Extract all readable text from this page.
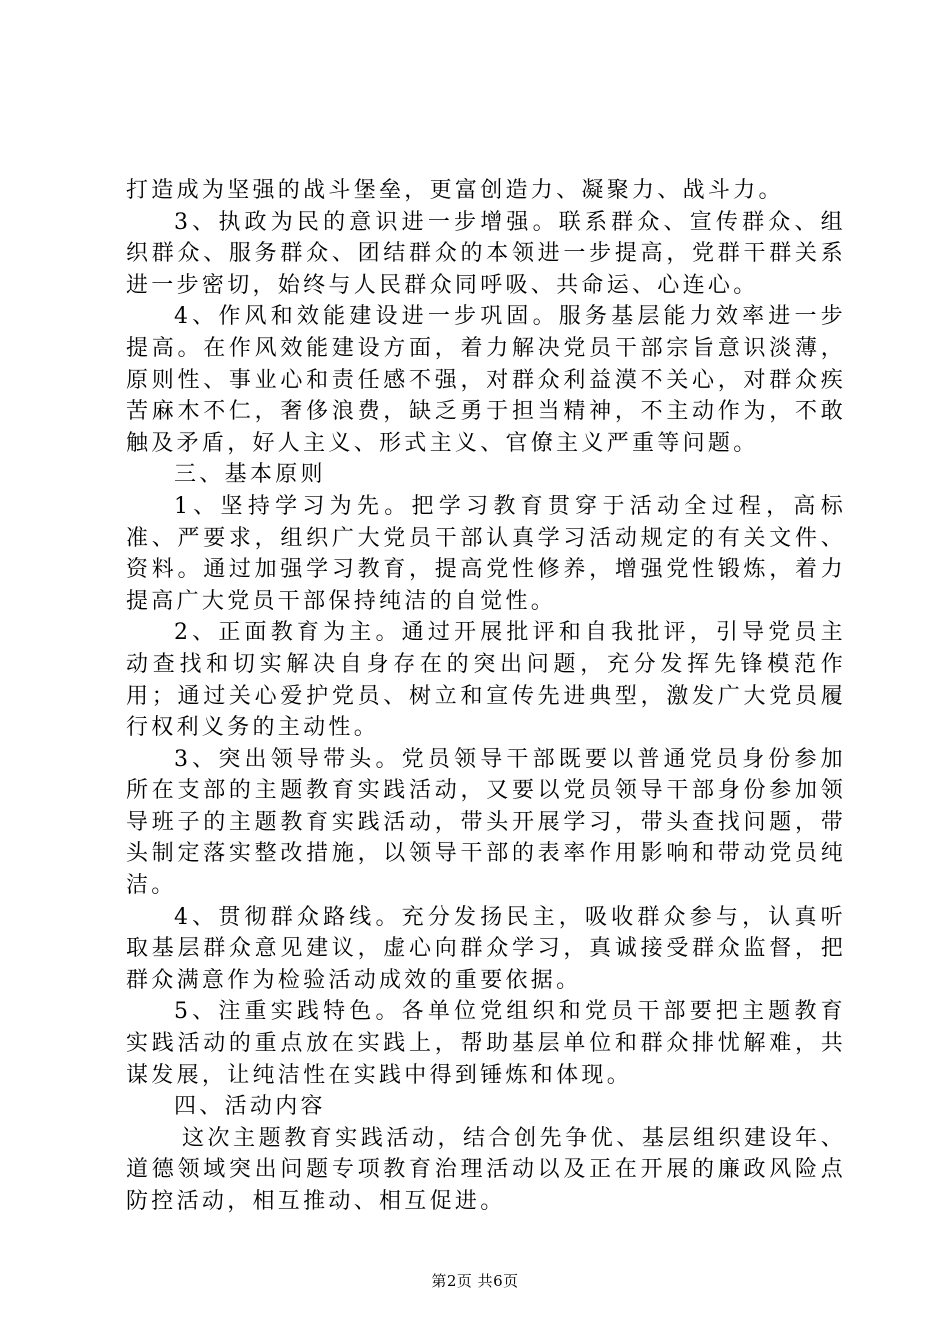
打造成为坚强的战斗堡垒，更富创造力、凝聚力、战斗力。

3、执政为民的意识进一步增强。联系群众、宣传群众、组织群众、服务群众、团结群众的本领进一步提高，党群干群关系进一步密切，始终与人民群众同呼吸、共命运、心连心。

4、作风和效能建设进一步巩固。服务基层能力效率进一步提高。在作风效能建设方面，着力解决党员干部宗旨意识淡薄，原则性、事业心和责任感不强，对群众利益漠不关心，对群众疾苦麻木不仁，奢侈浪费，缺乏勇于担当精神，不主动作为，不敢触及矛盾，好人主义、形式主义、官僚主义严重等问题。

三、基本原则

1、坚持学习为先。把学习教育贯穿于活动全过程，高标准、严要求，组织广大党员干部认真学习活动规定的有关文件、资料。通过加强学习教育，提高党性修养，增强党性锻炼，着力提高广大党员干部保持纯洁的自觉性。

2、正面教育为主。通过开展批评和自我批评，引导党员主动查找和切实解决自身存在的突出问题，充分发挥先锋模范作用；通过关心爱护党员、树立和宣传先进典型，激发广大党员履行权利义务的主动性。

3、突出领导带头。党员领导干部既要以普通党员身份参加所在支部的主题教育实践活动，又要以党员领导干部身份参加领导班子的主题教育实践活动，带头开展学习，带头查找问题，带头制定落实整改措施，以领导干部的表率作用影响和带动党员纯洁。

4、贯彻群众路线。充分发扬民主，吸收群众参与，认真听取基层群众意见建议，虚心向群众学习，真诚接受群众监督，把群众满意作为检验活动成效的重要依据。

5、注重实践特色。各单位党组织和党员干部要把主题教育实践活动的重点放在实践上，帮助基层单位和群众排忧解难，共谋发展，让纯洁性在实践中得到锤炼和体现。

四、活动内容

这次主题教育实践活动，结合创先争优、基层组织建设年、道德领域突出问题专项教育治理活动以及正在开展的廉政风险点防控活动，相互推动、相互促进。

第2页 共6页
